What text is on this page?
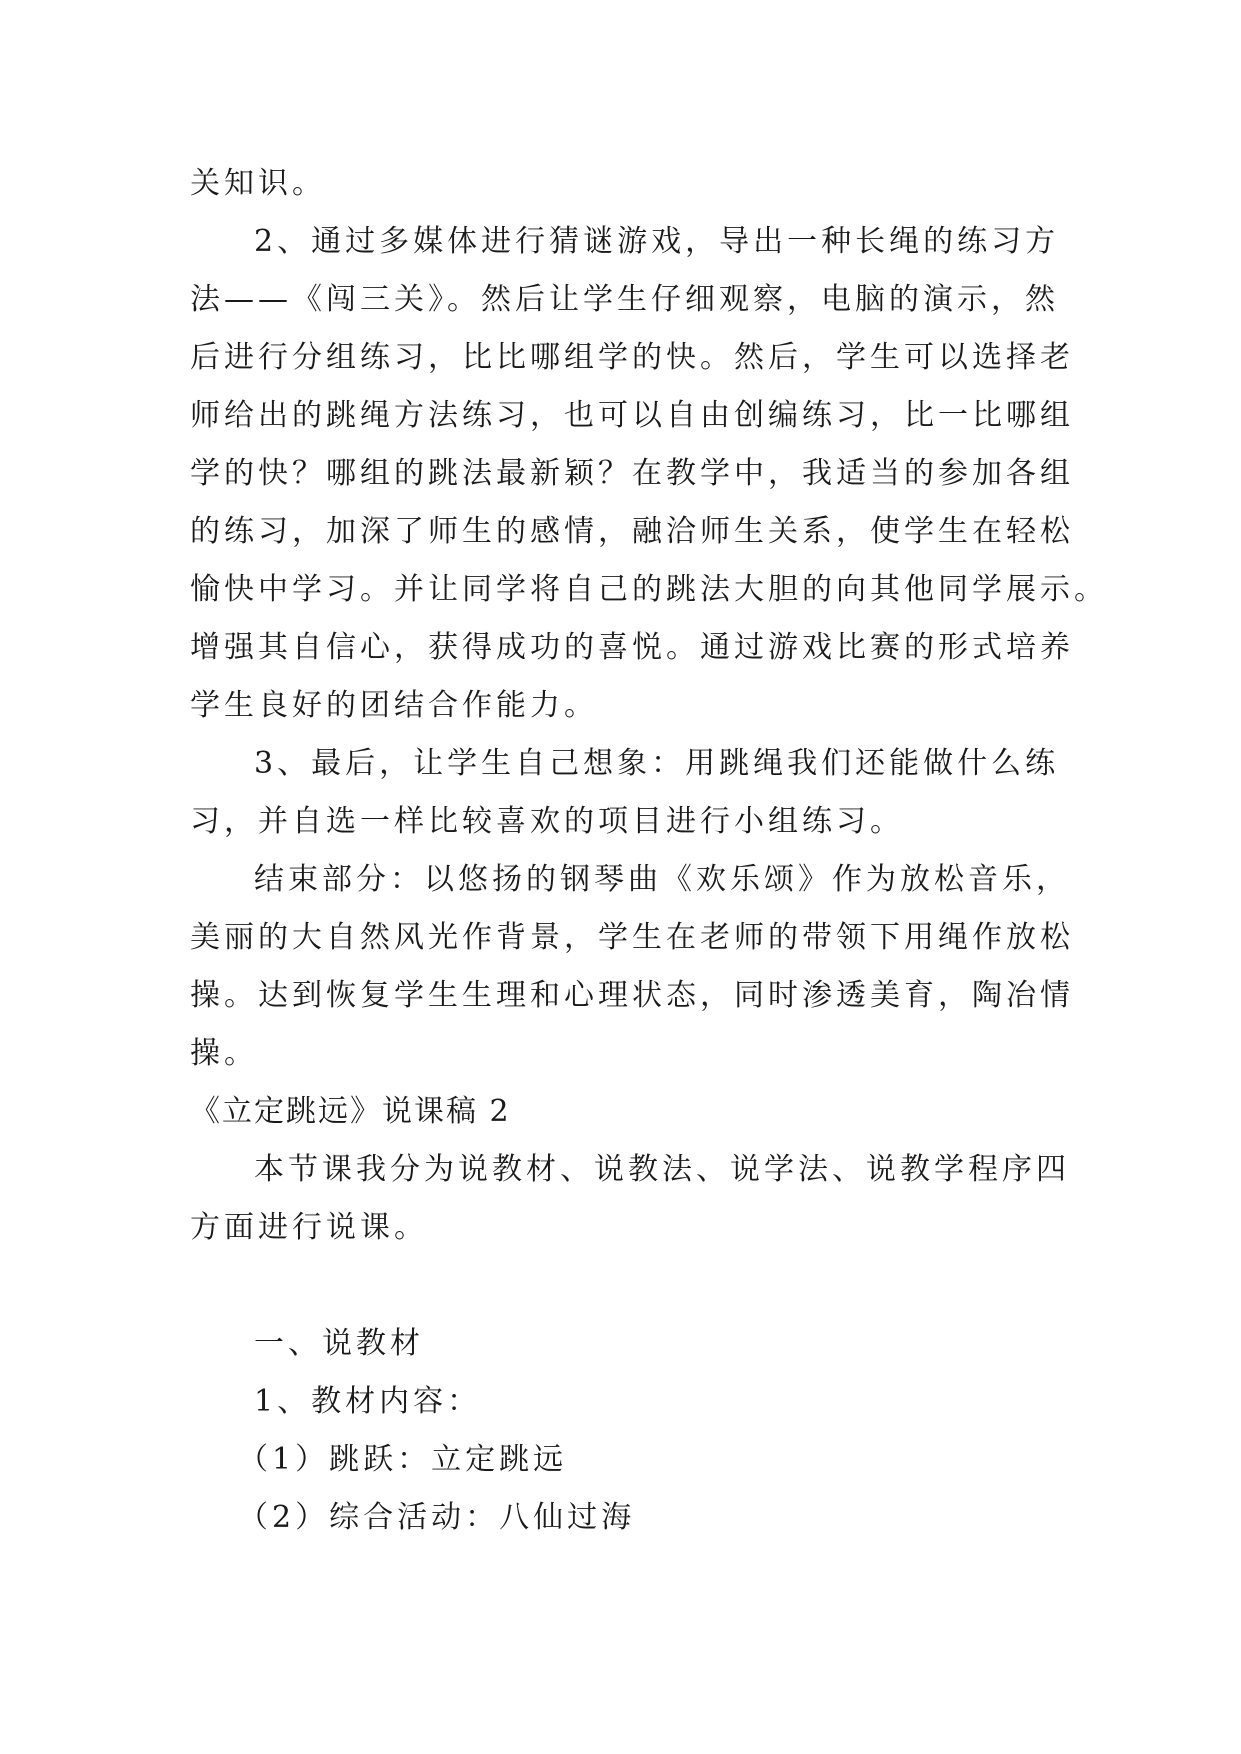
关知识。
2、通过多媒体进行猜谜游戏，导出一种长绳的练习方
法——《闯三关》。然后让学生仔细观察，电脑的演示，然
后进行分组练习，比比哪组学的快。然后，学生可以选择老
师给出的跳绳方法练习，也可以自由创编练习，比一比哪组
学的快？哪组的跳法最新颖？在教学中，我适当的参加各组
的练习，加深了师生的感情，融洽师生关系，使学生在轻松
愉快中学习。并让同学将自己的跳法大胆的向其他同学展示。
增强其自信心，获得成功的喜悦。通过游戏比赛的形式培养
学生良好的团结合作能力。
3、最后，让学生自己想象：用跳绳我们还能做什么练
习，并自选一样比较喜欢的项目进行小组练习。
结束部分：以悠扬的钢琴曲《欢乐颂》作为放松音乐，
美丽的大自然风光作背景，学生在老师的带领下用绳作放松
操。达到恢复学生生理和心理状态，同时渗透美育，陶冶情
操。
《立定跳远》说课稿 2
本节课我分为说教材、说教法、说学法、说教学程序四
方面进行说课。
一、说教材
1、教材内容：
（1）跳跃：立定跳远
（2）综合活动：八仙过海
